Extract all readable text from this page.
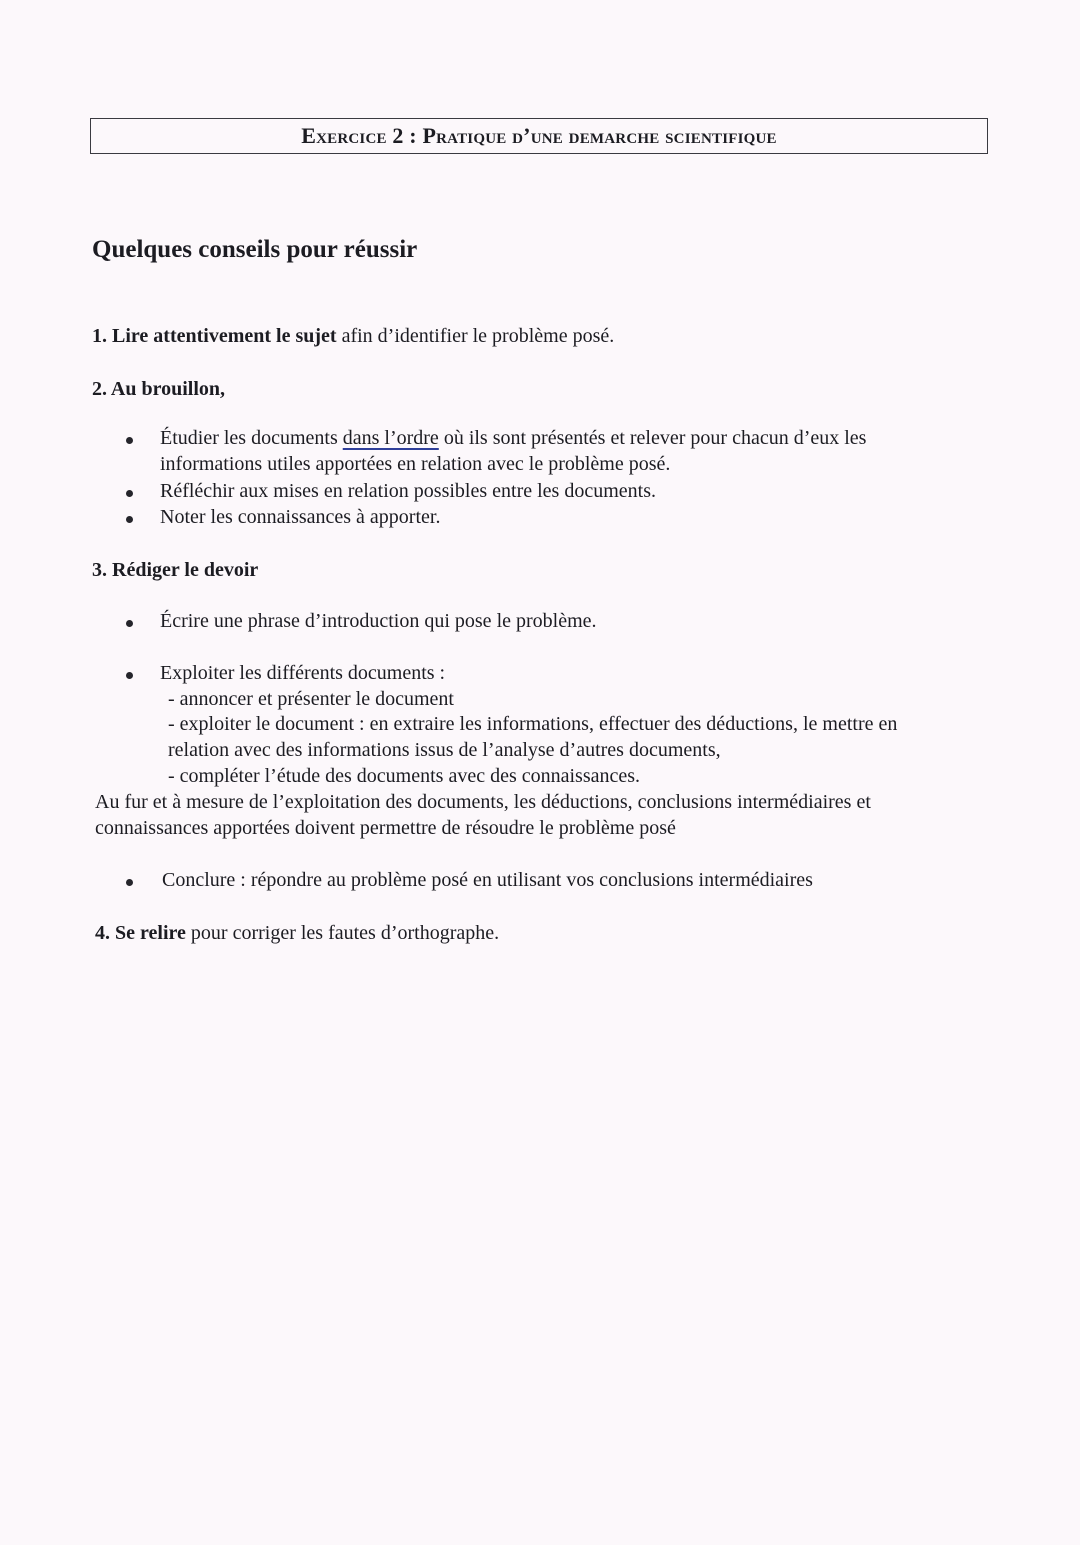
Exercice 2 : Pratique d’une demarche scientifique
Quelques conseils pour réussir
1. Lire attentivement le sujet afin d’identifier le problème posé.
2. Au brouillon,
Étudier les documents dans l’ordre où ils sont présentés et relever pour chacun d’eux les
informations utiles apportées en relation avec le problème posé.
Réfléchir aux mises en relation possibles entre les documents.
Noter les connaissances à apporter.
3. Rédiger le devoir
Écrire une phrase d’introduction qui pose le problème.
Exploiter les différents documents :
- annoncer et présenter le document
- exploiter le document : en extraire les informations, effectuer des déductions, le mettre en
relation avec des informations issus de l’analyse d’autres documents,
- compléter l’étude des documents avec des connaissances.
Au fur et à mesure de l’exploitation des documents, les déductions, conclusions intermédiaires et
connaissances apportées doivent permettre de résoudre le problème posé
Conclure : répondre au problème posé en utilisant vos conclusions intermédiaires
4. Se relire pour corriger les fautes d’orthographe.
